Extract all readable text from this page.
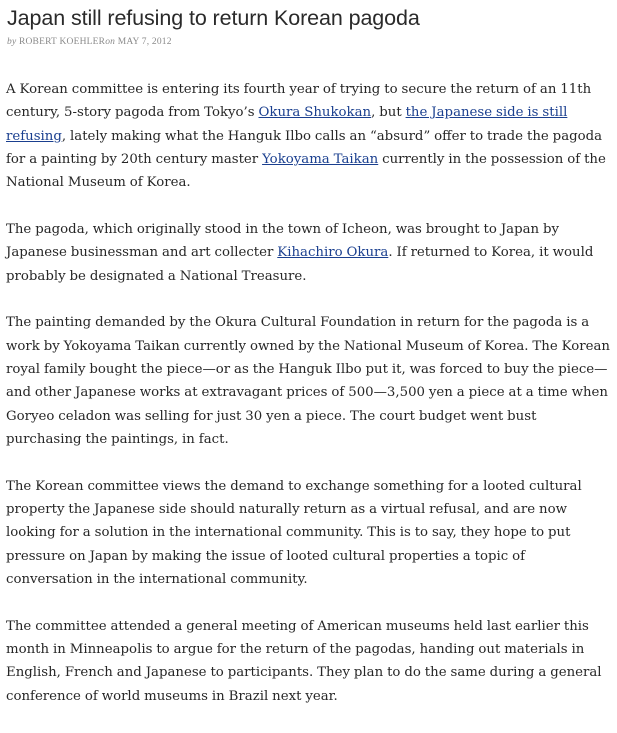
Japan still refusing to return Korean pagoda
by ROBERT KOEHLERon MAY 7, 2012

A Korean committee is entering its fourth year of trying to secure the return of an 11th century, 5-story pagoda from Tokyo’s Okura Shukokan, but the Japanese side is still refusing, lately making what the Hanguk Ilbo calls an “absurd” offer to trade the pagoda for a painting by 20th century master Yokoyama Taikan currently in the possession of the National Museum of Korea.

The pagoda, which originally stood in the town of Icheon, was brought to Japan by Japanese businessman and art collecter Kihachiro Okura. If returned to Korea, it would probably be designated a National Treasure.

The painting demanded by the Okura Cultural Foundation in return for the pagoda is a work by Yokoyama Taikan currently owned by the National Museum of Korea. The Korean royal family bought the piece—or as the Hanguk Ilbo put it, was forced to buy the piece—and other Japanese works at extravagant prices of 500—3,500 yen a piece at a time when Goryeo celadon was selling for just 30 yen a piece. The court budget went bust purchasing the paintings, in fact.

The Korean committee views the demand to exchange something for a looted cultural property the Japanese side should naturally return as a virtual refusal, and are now looking for a solution in the international community. This is to say, they hope to put pressure on Japan by making the issue of looted cultural properties a topic of conversation in the international community.

The committee attended a general meeting of American museums held last earlier this month in Minneapolis to argue for the return of the pagodas, handing out materials in English, French and Japanese to participants. They plan to do the same during a general conference of world museums in Brazil next year.
